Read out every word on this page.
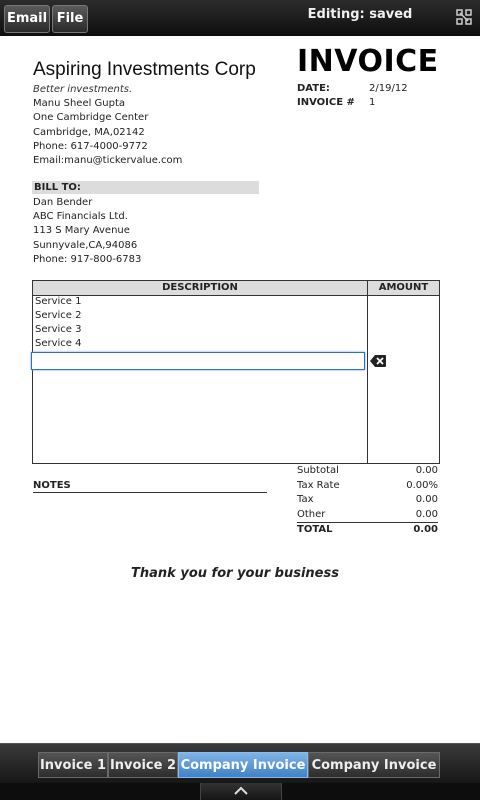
Email File	Editing: saved
Aspiring Investments Corp
Better investments.
Manu Sheel Gupta
One Cambridge Center
Cambridge, MA,02142
Phone: 617-4000-9772
Email:manu@tickervalue.com
INVOICE
DATE:	2/19/12
INVOICE # 1
BILL TO:
Dan Bender
ABC Financials Ltd.
113 S Mary Avenue
Sunnyvale,CA,94086
Phone: 917-800-6783
DESCRIPTION	AMOUNT
Service 1
Service 2
Service 3
Service 4
Subtotal	0.00
Tax Rate	0.00%
Tax	0.00
Other	0.00
TOTAL	0.00
NOTES
Thank you for your business
Invoice 1 Invoice 2 Company Invoice Company Invoice
